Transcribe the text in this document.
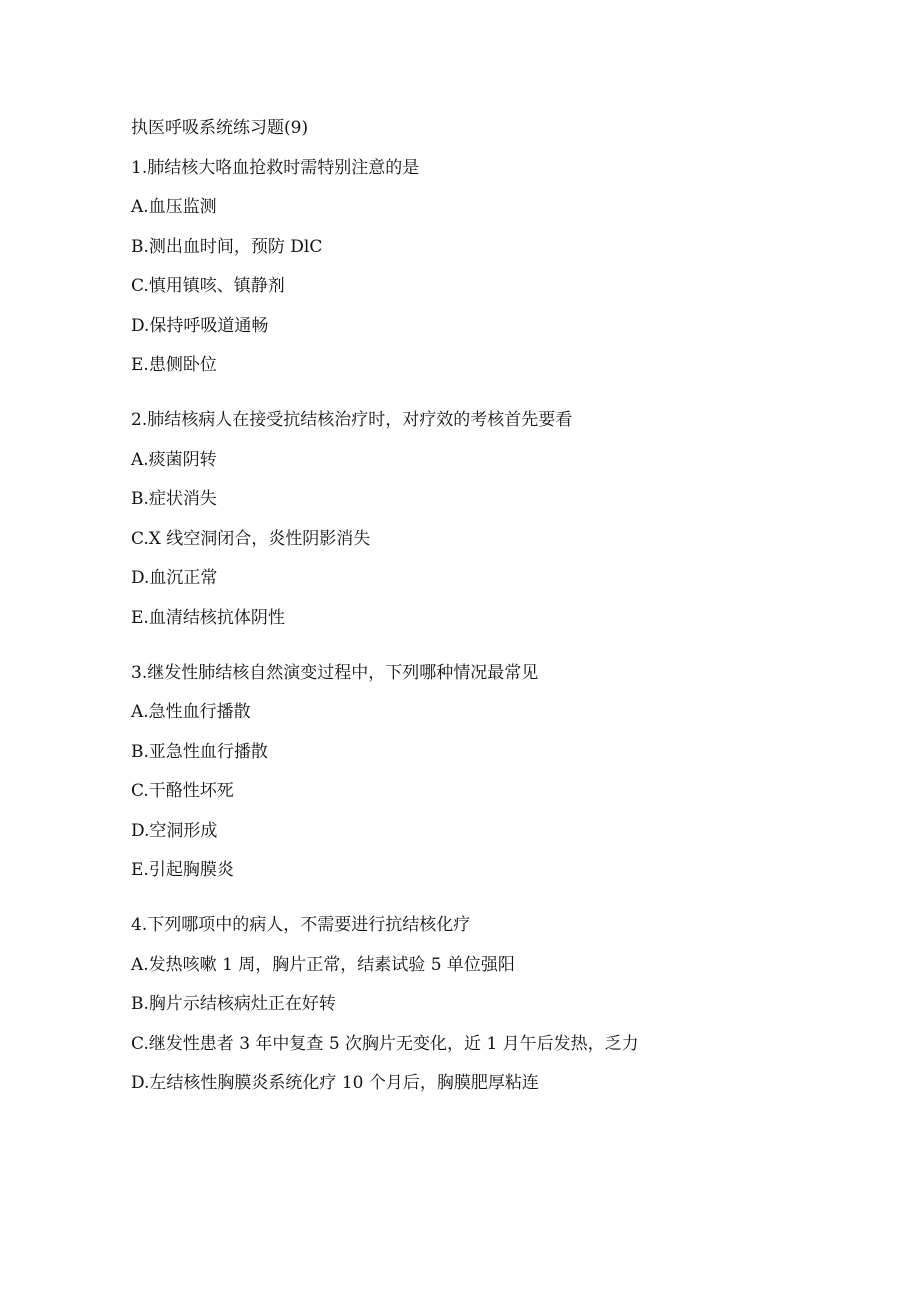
执医呼吸系统练习题(9)
1.肺结核大咯血抢救时需特别注意的是
A.血压监测
B.测出血时间，预防 DlC
C.慎用镇咳、镇静剂
D.保持呼吸道通畅
E.患侧卧位
2.肺结核病人在接受抗结核治疗时，对疗效的考核首先要看
A.痰菌阴转
B.症状消失
C.X 线空洞闭合，炎性阴影消失
D.血沉正常
E.血清结核抗体阴性
3.继发性肺结核自然演变过程中，下列哪种情况最常见
A.急性血行播散
B.亚急性血行播散
C.干酪性坏死
D.空洞形成
E.引起胸膜炎
4.下列哪项中的病人，不需要进行抗结核化疗
A.发热咳嗽 1 周，胸片正常，结素试验 5 单位强阳
B.胸片示结核病灶正在好转
C.继发性患者 3 年中复查 5 次胸片无变化，近 1 月午后发热，乏力
D.左结核性胸膜炎系统化疗 10 个月后，胸膜肥厚粘连
